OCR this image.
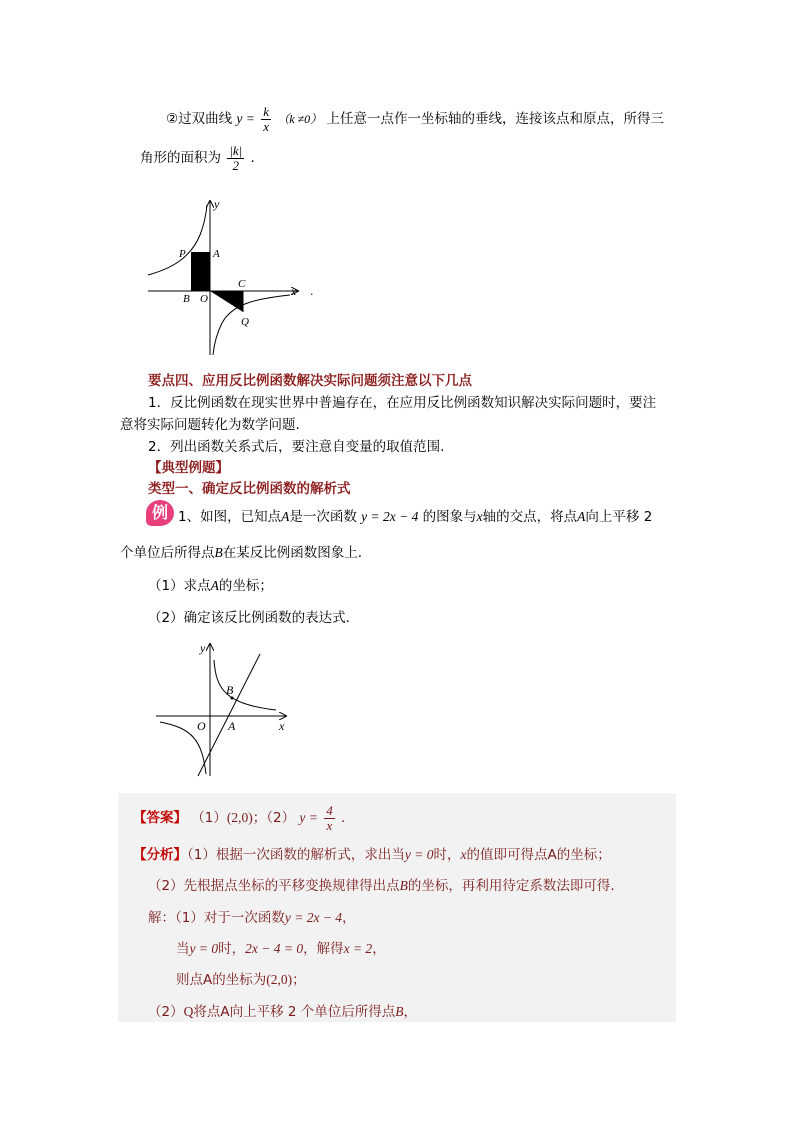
②过双曲线 $y = \frac{k}{x} (k \ne 0)$ 上任意一点作一坐标轴的垂线，连接该点和原点，所得三
角形的面积为 $\frac{|k|}{2}$ .
y
x
P A
B O
C
Q
.
要点四、应用反比例函数解决实际问题须注意以下几点
1．反比例函数在现实世界中普遍存在，在应用反比例函数知识解决实际问题时，要注
意将实际问题转化为数学问题.
2．列出函数关系式后，要注意自变量的取值范围.
【典型例题】
类型一、确定反比例函数的解析式
例 1、如图，已知点A是一次函数 y = 2x − 4 的图象与x轴的交点，将点A向上平移 2
个单位后所得点B在某反比例函数图象上.
（1）求点A的坐标；
（2）确定该反比例函数的表达式.
y
x
B
O A
【答案】 （1）(2,0)；（2） $y = \frac{4}{x}$ .
【分析】（1）根据一次函数的解析式，求出当y = 0时，x的值即可得点A的坐标；
（2）先根据点坐标的平移变换规律得出点B的坐标，再利用待定系数法即可得.
解：（1）对于一次函数y = 2x − 4，
当y = 0时，2x − 4 = 0，解得x = 2，
则点A的坐标为(2,0)；
（2）Q将点A向上平移 2 个单位后所得点B，
